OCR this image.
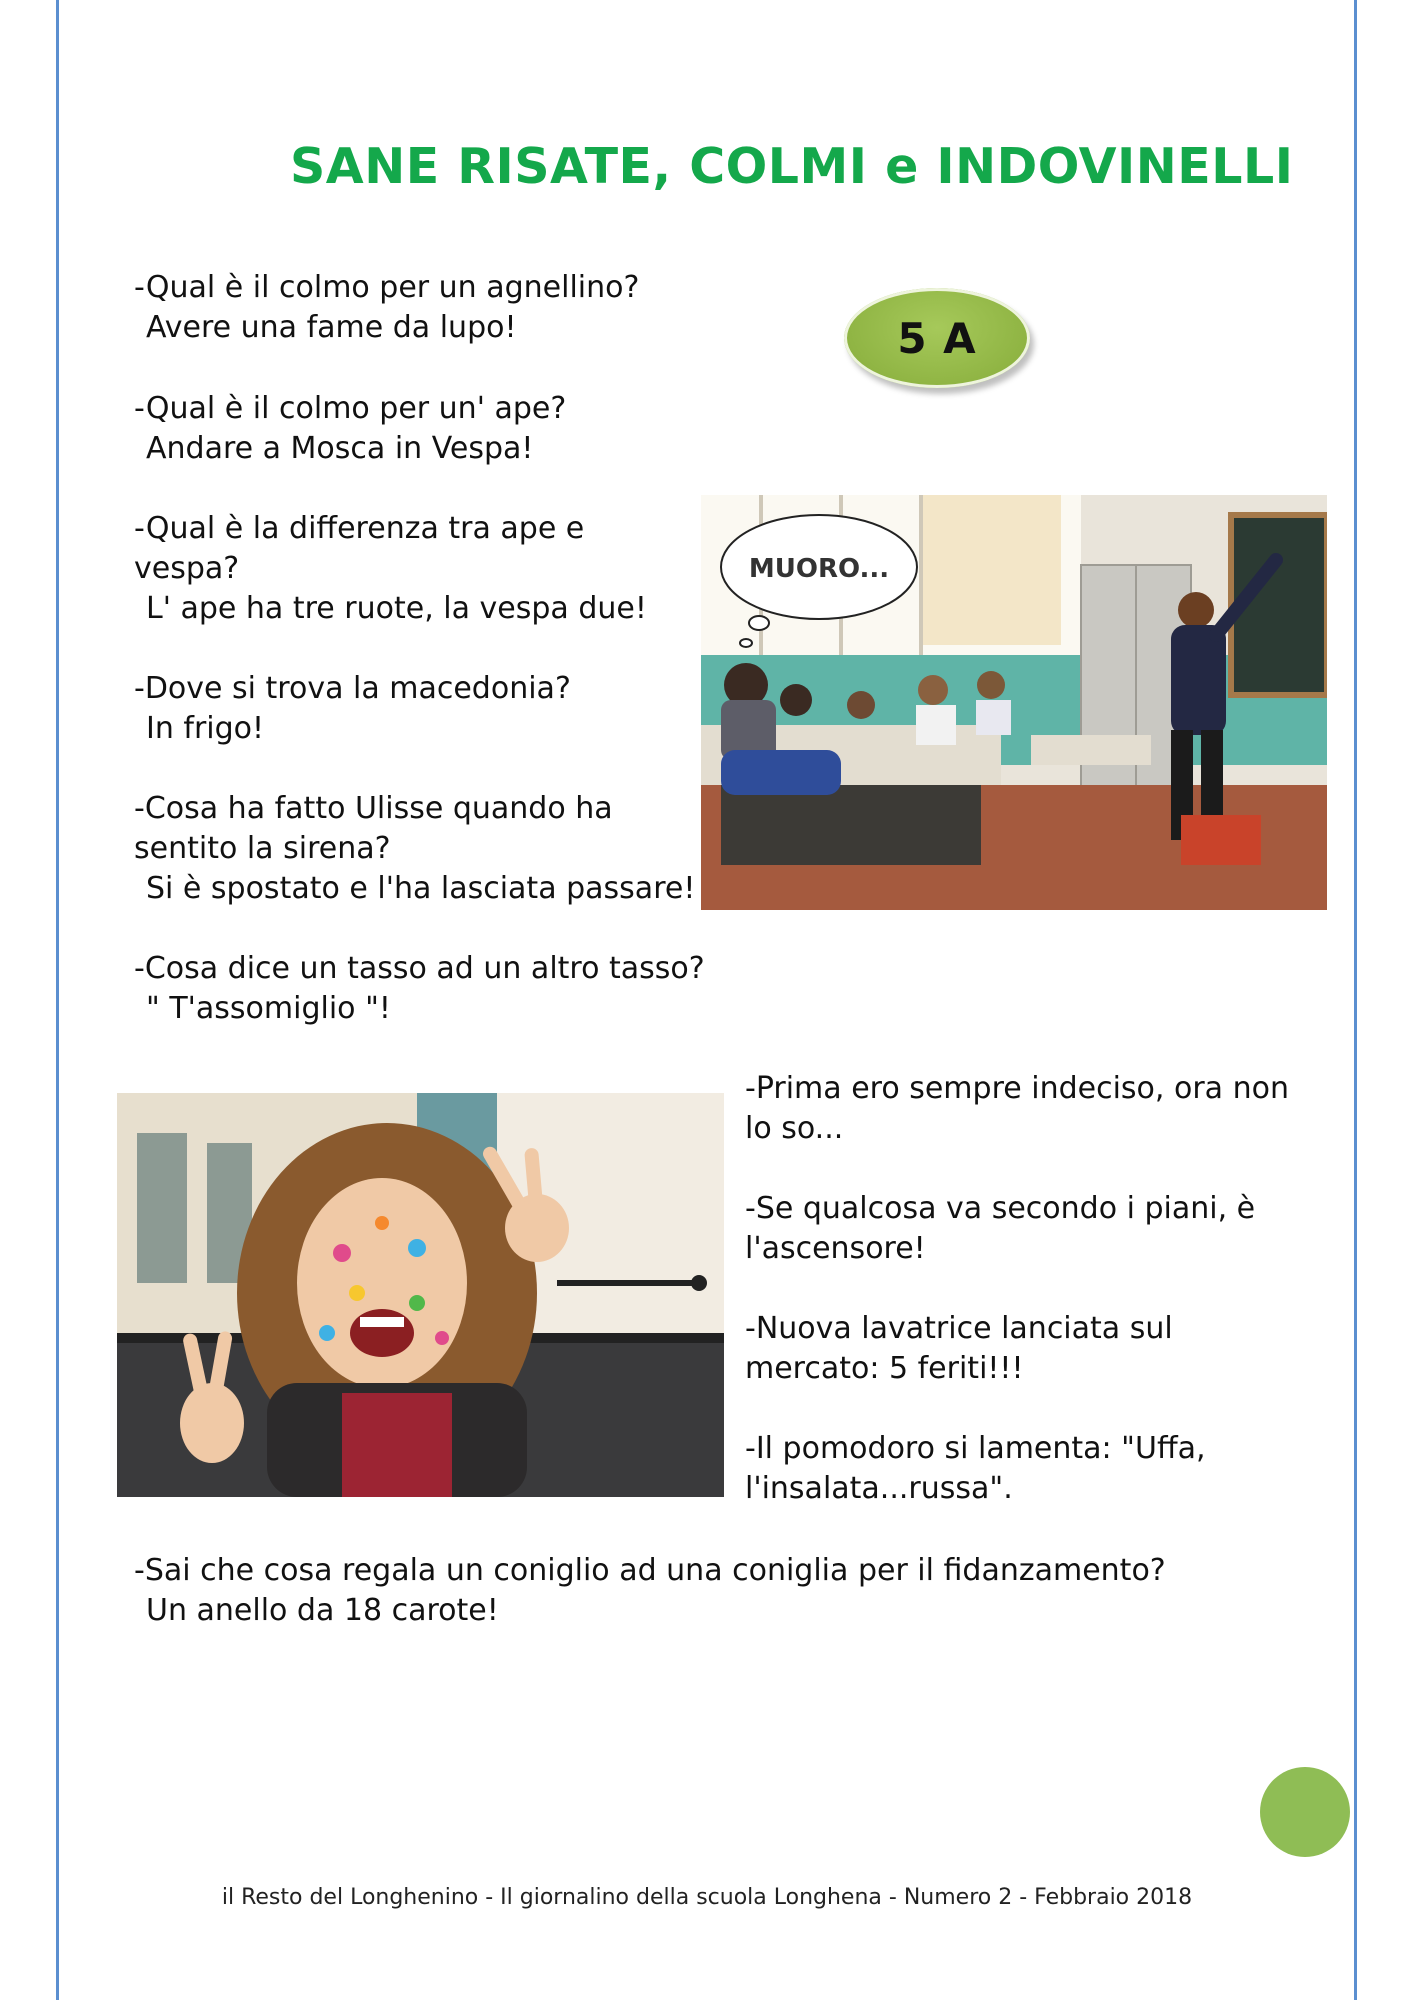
SANE RISATE, COLMI e INDOVINELLI
5 A
-Qual è il colmo per un agnellino?
Avere una fame da lupo!
-Qual è il colmo per un' ape?
Andare a Mosca in Vespa!
-Qual è la differenza tra ape e
vespa?
L' ape ha tre ruote, la vespa due!
-Dove si trova la macedonia?
In frigo!
-Cosa ha fatto Ulisse quando ha
sentito la sirena?
Si è spostato e l'ha lasciata passare!
-Cosa dice un tasso ad un altro tasso?
" T'assomiglio "!
MUORO...
-Prima ero sempre indeciso, ora non
lo so...
-Se qualcosa va secondo i piani, è
l'ascensore!
-Nuova lavatrice lanciata sul
mercato: 5 feriti!!!
-Il pomodoro si lamenta: "Uffa,
l'insalata...russa".
-Sai che cosa regala un coniglio ad una coniglia per il fidanzamento?
Un anello da 18 carote!
il Resto del Longhenino - Il giornalino della scuola Longhena - Numero 2 - Febbraio 2018
